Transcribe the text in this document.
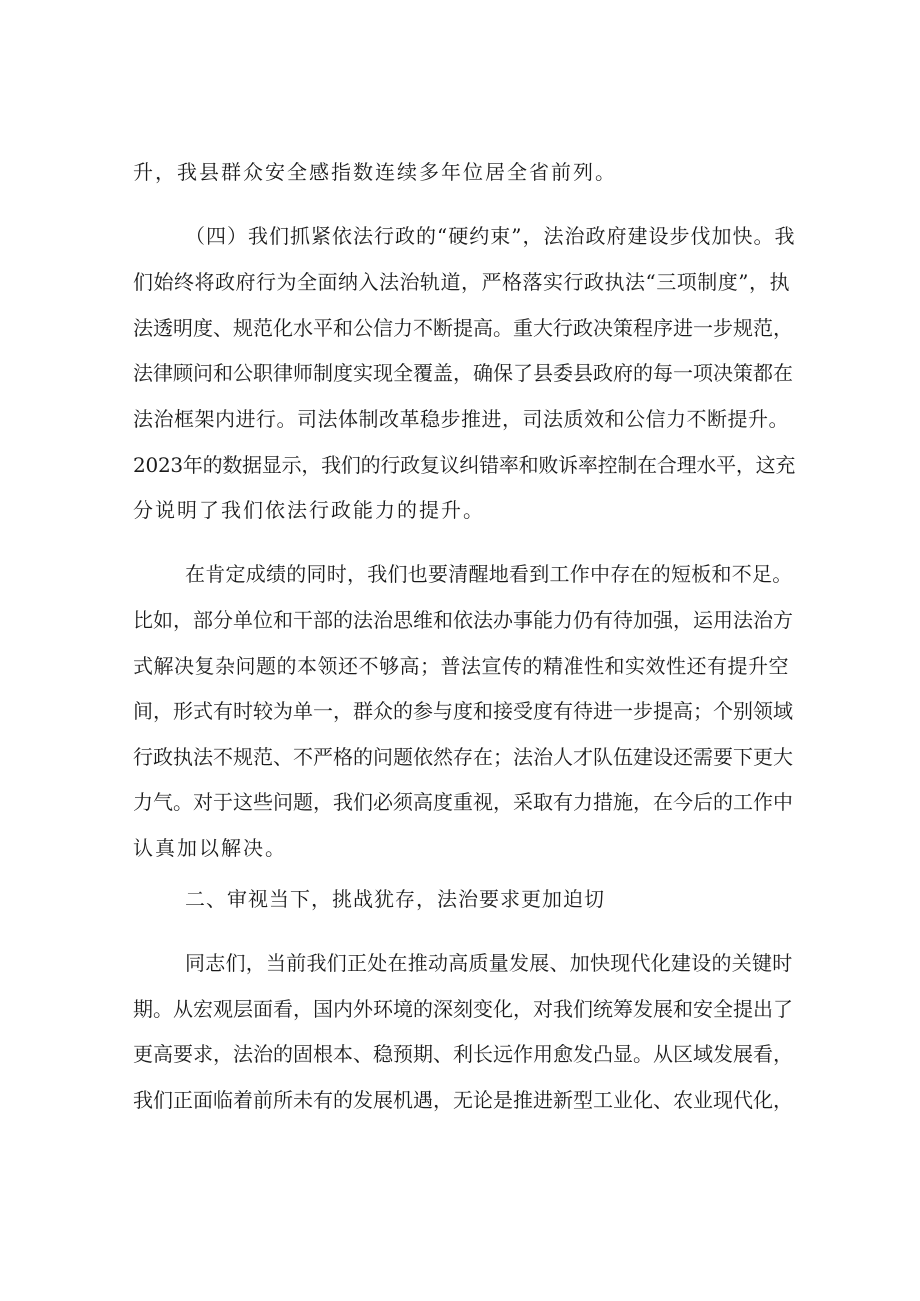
升，我县群众安全感指数连续多年位居全省前列。
（四）我们抓紧依法行政的“硬约束”，法治政府建设步伐加快。我
们始终将政府行为全面纳入法治轨道，严格落实行政执法“三项制度”，执
法透明度、规范化水平和公信力不断提高。重大行政决策程序进一步规范，
法律顾问和公职律师制度实现全覆盖，确保了县委县政府的每一项决策都在
法治框架内进行。司法体制改革稳步推进，司法质效和公信力不断提升。
2023年的数据显示，我们的行政复议纠错率和败诉率控制在合理水平，这充
分说明了我们依法行政能力的提升。
在肯定成绩的同时，我们也要清醒地看到工作中存在的短板和不足。
比如，部分单位和干部的法治思维和依法办事能力仍有待加强，运用法治方
式解决复杂问题的本领还不够高；普法宣传的精准性和实效性还有提升空
间，形式有时较为单一，群众的参与度和接受度有待进一步提高；个别领域
行政执法不规范、不严格的问题依然存在；法治人才队伍建设还需要下更大
力气。对于这些问题，我们必须高度重视，采取有力措施，在今后的工作中
认真加以解决。
二、审视当下，挑战犹存，法治要求更加迫切
同志们，当前我们正处在推动高质量发展、加快现代化建设的关键时
期。从宏观层面看，国内外环境的深刻变化，对我们统筹发展和安全提出了
更高要求，法治的固根本、稳预期、利长远作用愈发凸显。从区域发展看，
我们正面临着前所未有的发展机遇，无论是推进新型工业化、农业现代化，
